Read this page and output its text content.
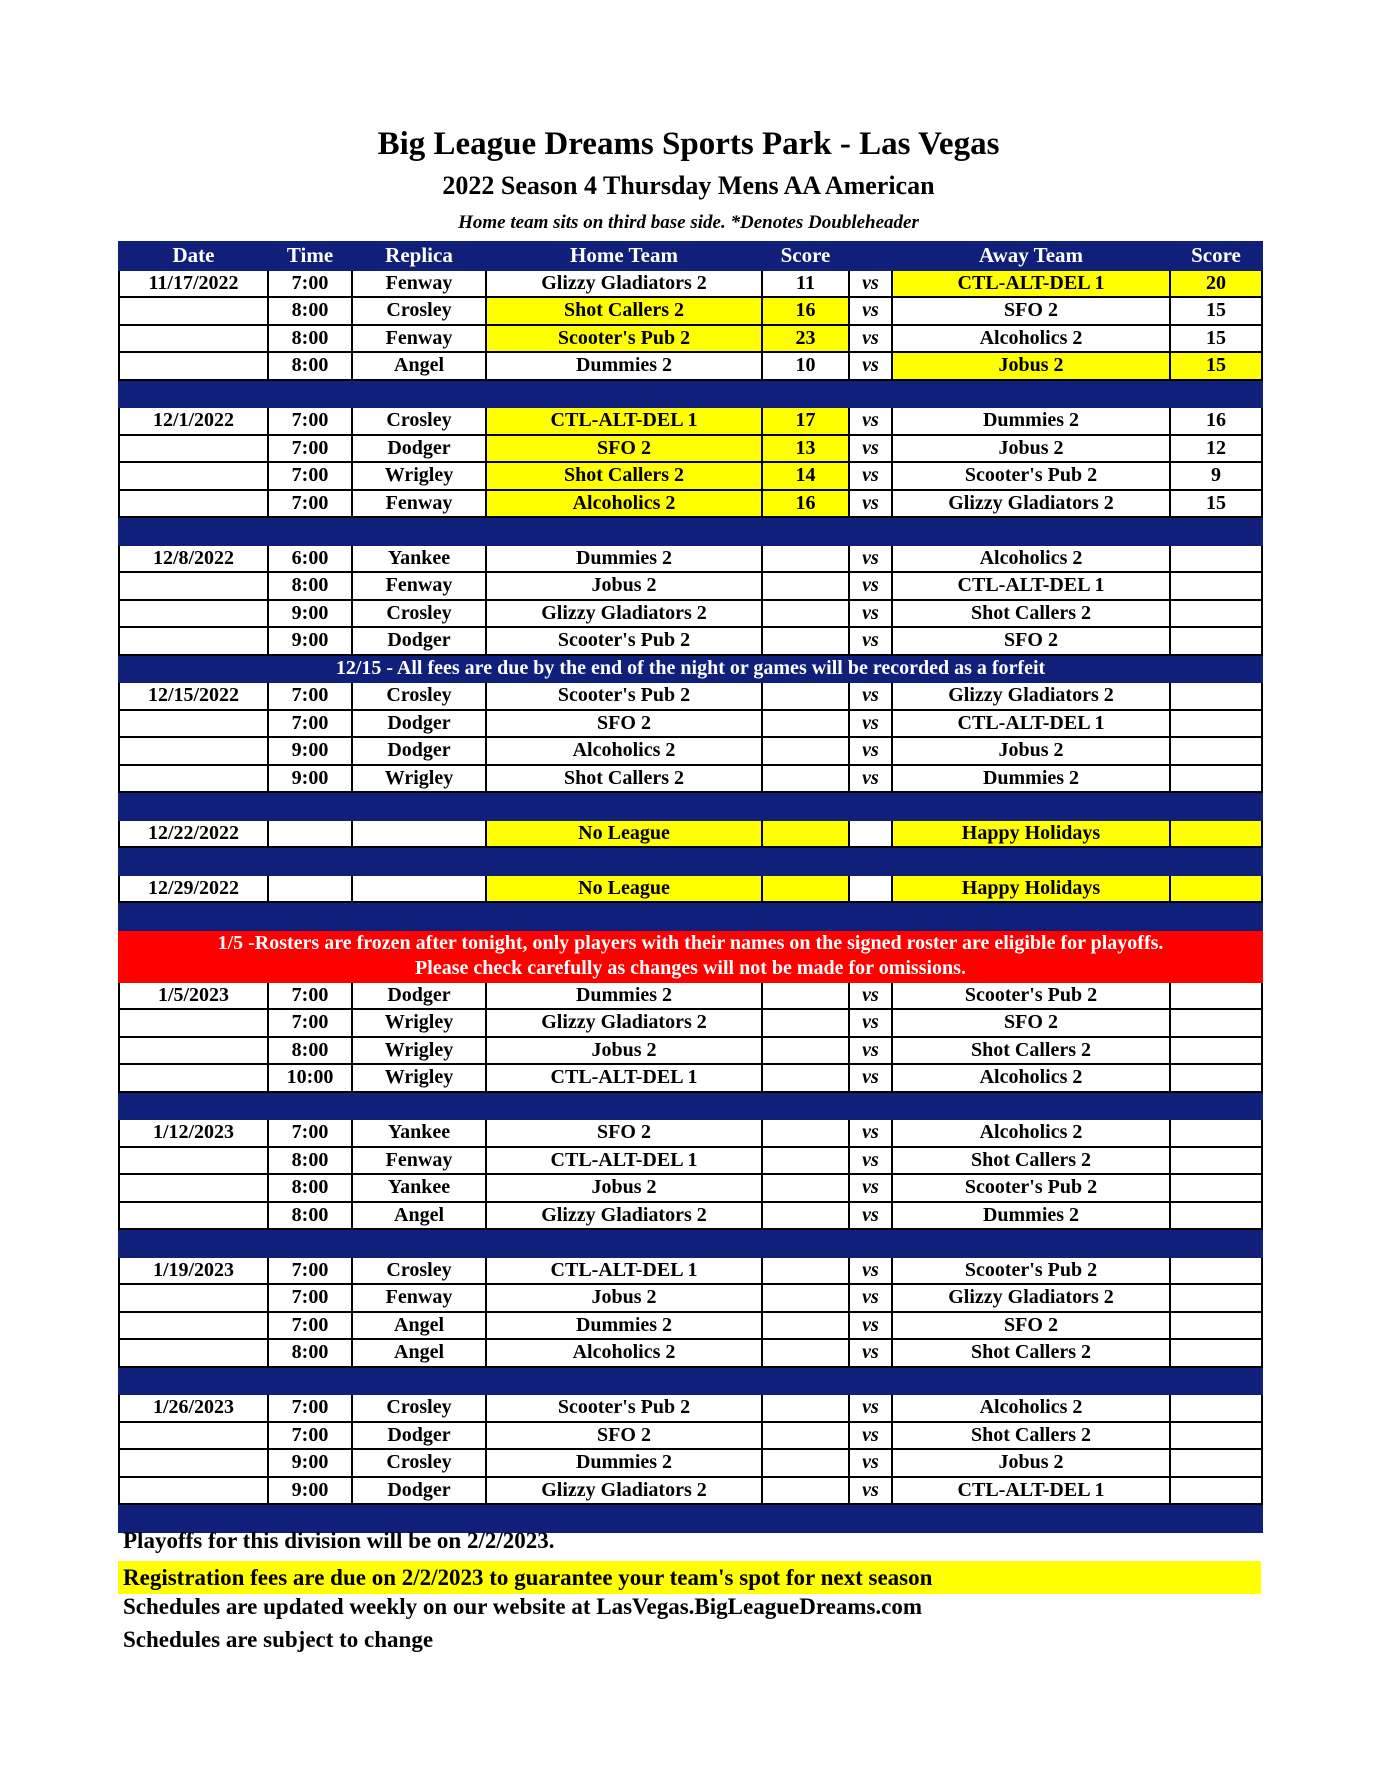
Big League Dreams Sports Park - Las Vegas
2022 Season 4 Thursday Mens AA American
Home team sits on third base side. *Denotes Doubleheader
Date	Time	Replica	Home Team	Score		Away Team	Score
11/17/2022	7:00	Fenway	Glizzy Gladiators 2	11	vs	CTL-ALT-DEL 1	20
	8:00	Crosley	Shot Callers 2	16	vs	SFO 2	15
	8:00	Fenway	Scooter's Pub 2	23	vs	Alcoholics 2	15
	8:00	Angel	Dummies 2	10	vs	Jobus 2	15

12/1/2022	7:00	Crosley	CTL-ALT-DEL 1	17	vs	Dummies 2	16
	7:00	Dodger	SFO 2	13	vs	Jobus 2	12
	7:00	Wrigley	Shot Callers 2	14	vs	Scooter's Pub 2	9
	7:00	Fenway	Alcoholics 2	16	vs	Glizzy Gladiators 2	15

12/8/2022	6:00	Yankee	Dummies 2		vs	Alcoholics 2	
	8:00	Fenway	Jobus 2		vs	CTL-ALT-DEL 1	
	9:00	Crosley	Glizzy Gladiators 2		vs	Shot Callers 2	
	9:00	Dodger	Scooter's Pub 2		vs	SFO 2	
12/15 - All fees are due by the end of the night or games will be recorded as a forfeit							
12/15/2022	7:00	Crosley	Scooter's Pub 2		vs	Glizzy Gladiators 2	
	7:00	Dodger	SFO 2		vs	CTL-ALT-DEL 1	
	9:00	Dodger	Alcoholics 2		vs	Jobus 2	
	9:00	Wrigley	Shot Callers 2		vs	Dummies 2	

12/22/2022			No League			Happy Holidays	

12/29/2022			No League			Happy Holidays	

1/5 -Rosters are frozen after tonight, only players with their names on the signed roster are eligible for playoffs.
Please check carefully as changes will not be made for omissions.							

1/5/2023	7:00	Dodger	Dummies 2		vs	Scooter's Pub 2	
	7:00	Wrigley	Glizzy Gladiators 2		vs	SFO 2	
	8:00	Wrigley	Jobus 2		vs	Shot Callers 2	
	10:00	Wrigley	CTL-ALT-DEL 1		vs	Alcoholics 2	

1/12/2023	7:00	Yankee	SFO 2		vs	Alcoholics 2	
	8:00	Fenway	CTL-ALT-DEL 1		vs	Shot Callers 2	
	8:00	Yankee	Jobus 2		vs	Scooter's Pub 2	
	8:00	Angel	Glizzy Gladiators 2		vs	Dummies 2	

1/19/2023	7:00	Crosley	CTL-ALT-DEL 1		vs	Scooter's Pub 2	
	7:00	Fenway	Jobus 2		vs	Glizzy Gladiators 2	
	7:00	Angel	Dummies 2		vs	SFO 2	
	8:00	Angel	Alcoholics 2		vs	Shot Callers 2	

1/26/2023	7:00	Crosley	Scooter's Pub 2		vs	Alcoholics 2	
	7:00	Dodger	SFO 2		vs	Shot Callers 2	
	9:00	Crosley	Dummies 2		vs	Jobus 2	
	9:00	Dodger	Glizzy Gladiators 2		vs	CTL-ALT-DEL 1	

Playoffs for this division will be on 2/2/2023.
Registration fees are due on 2/2/2023 to guarantee your team's spot for next season
Schedules are updated weekly on our website at LasVegas.BigLeagueDreams.com
Schedules are subject to change
